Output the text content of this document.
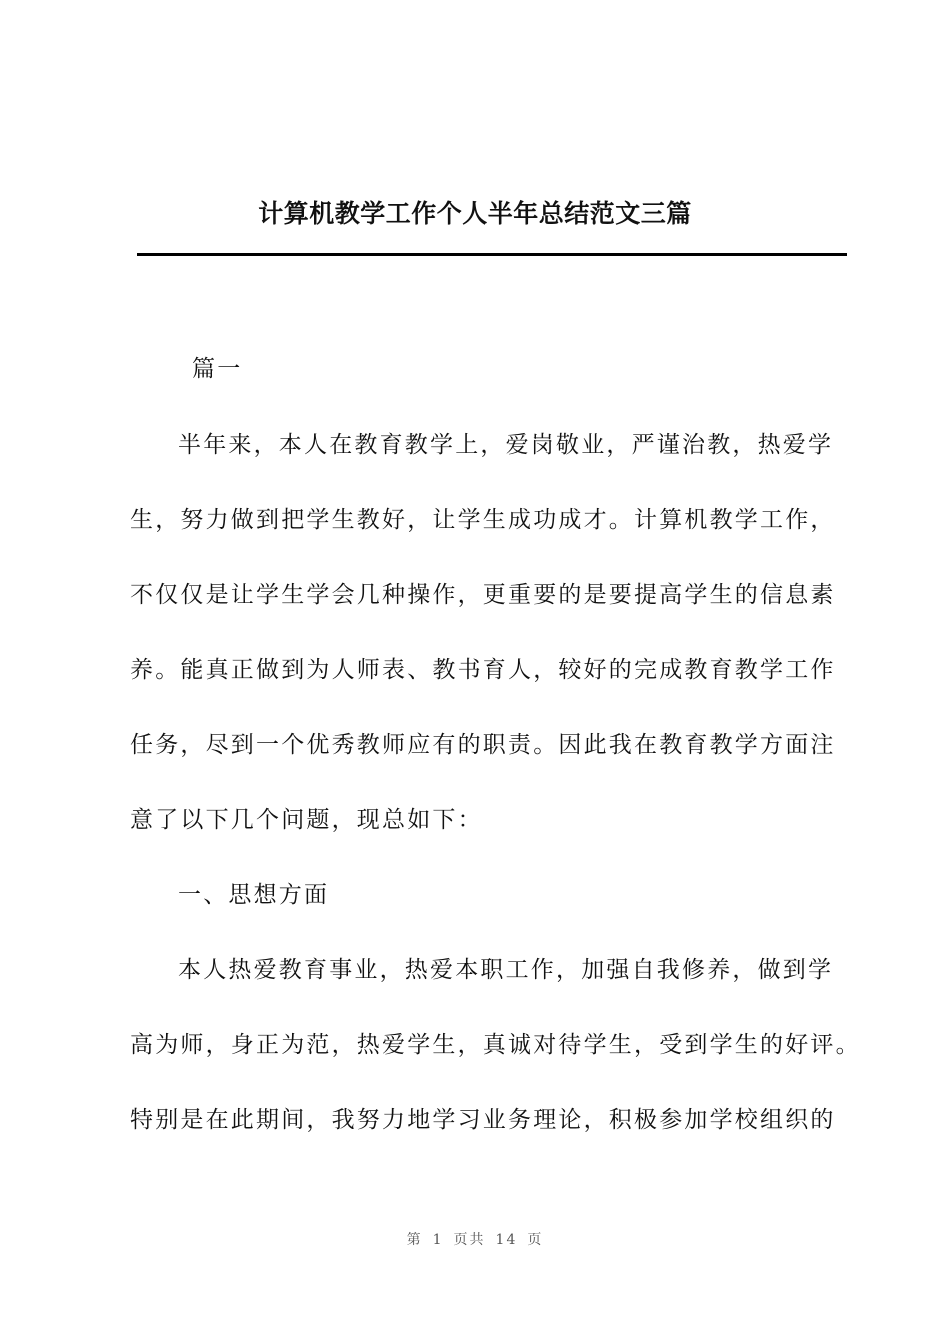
计算机教学工作个人半年总结范文三篇
篇一
半年来，本人在教育教学上，爱岗敬业，严谨治教，热爱学
生，努力做到把学生教好，让学生成功成才。计算机教学工作，
不仅仅是让学生学会几种操作，更重要的是要提高学生的信息素
养。能真正做到为人师表、教书育人，较好的完成教育教学工作
任务，尽到一个优秀教师应有的职责。因此我在教育教学方面注
意了以下几个问题，现总如下：
一、思想方面
本人热爱教育事业，热爱本职工作，加强自我修养，做到学
高为师，身正为范，热爱学生，真诚对待学生，受到学生的好评。
特别是在此期间，我努力地学习业务理论，积极参加学校组织的
第 1 页共 14 页
